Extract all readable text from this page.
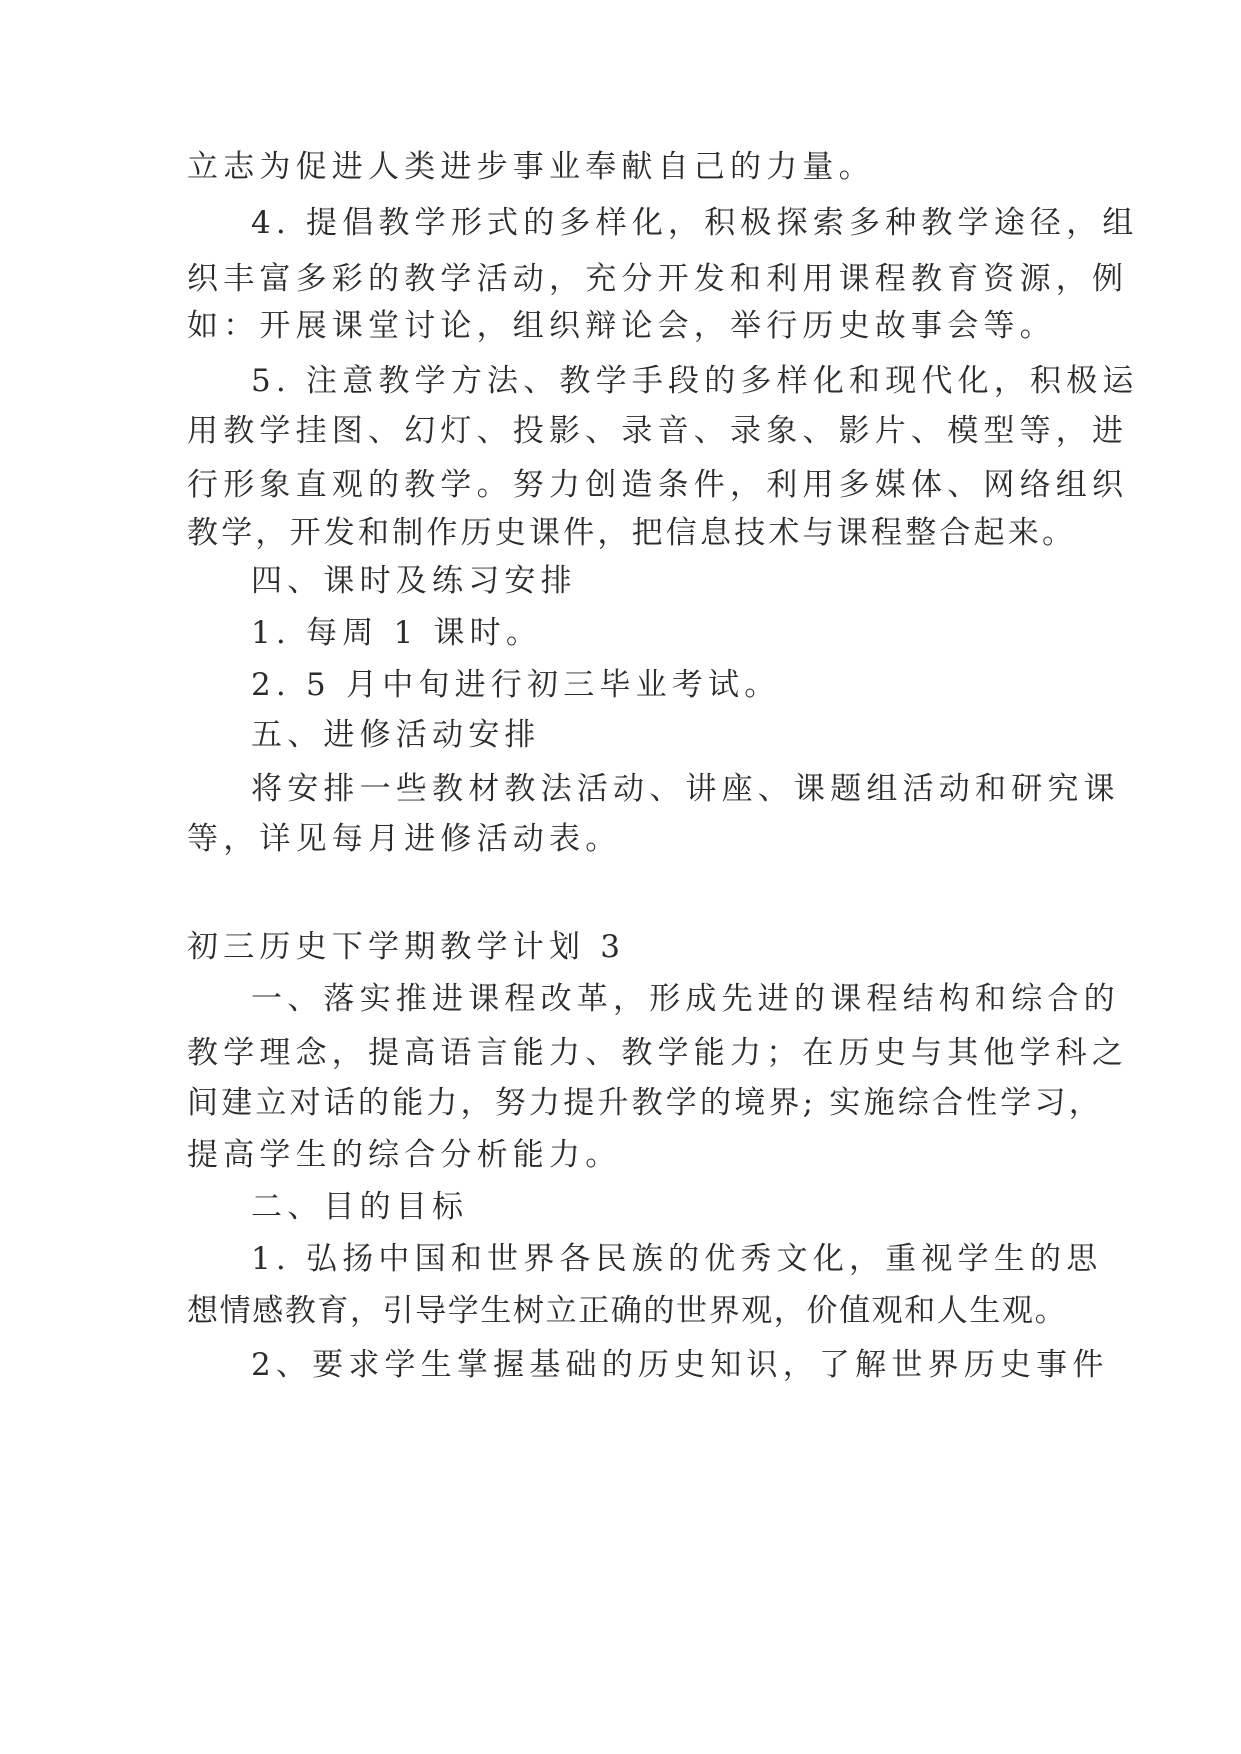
立志为促进人类进步事业奉献自己的力量。
4. 提倡教学形式的多样化，积极探索多种教学途径，组
织丰富多彩的教学活动，充分开发和利用课程教育资源，例
如：开展课堂讨论，组织辩论会，举行历史故事会等。
5. 注意教学方法、教学手段的多样化和现代化，积极运
用教学挂图、幻灯、投影、录音、录象、影片、模型等，进
行形象直观的教学。努力创造条件，利用多媒体、网络组织
教学，开发和制作历史课件，把信息技术与课程整合起来。
四、课时及练习安排
1. 每周 1 课时。
2. 5 月中旬进行初三毕业考试。
五、进修活动安排
将安排一些教材教法活动、讲座、课题组活动和研究课
等，详见每月进修活动表。
初三历史下学期教学计划 3
一、落实推进课程改革，形成先进的课程结构和综合的
教学理念，提高语言能力、教学能力；在历史与其他学科之
间建立对话的能力，努力提升教学的境界; 实施综合性学习，
提高学生的综合分析能力。
二、目的目标
1. 弘扬中国和世界各民族的优秀文化，重视学生的思
想情感教育，引导学生树立正确的世界观，价值观和人生观。
2、要求学生掌握基础的历史知识，了解世界历史事件
